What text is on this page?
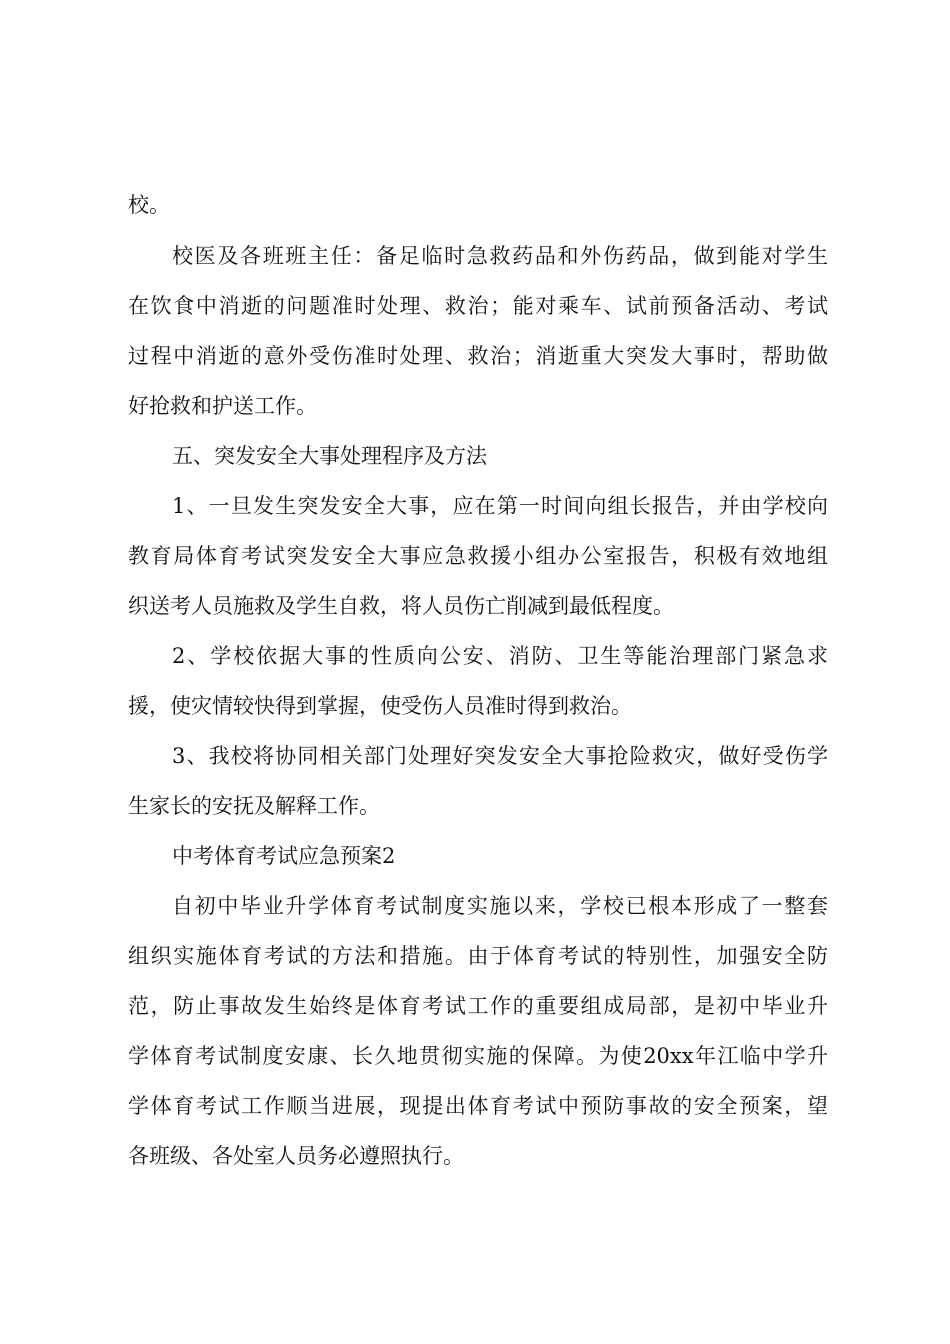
校。
校医及各班班主任：备足临时急救药品和外伤药品，做到能对学生
在饮食中消逝的问题准时处理、救治；能对乘车、试前预备活动、考试
过程中消逝的意外受伤准时处理、救治；消逝重大突发大事时，帮助做
好抢救和护送工作。
五、突发安全大事处理程序及方法
1、一旦发生突发安全大事，应在第一时间向组长报告，并由学校向
教育局体育考试突发安全大事应急救援小组办公室报告，积极有效地组
织送考人员施救及学生自救，将人员伤亡削减到最低程度。
2、学校依据大事的性质向公安、消防、卫生等能治理部门紧急求
援，使灾情较快得到掌握，使受伤人员准时得到救治。
3、我校将协同相关部门处理好突发安全大事抢险救灾，做好受伤学
生家长的安抚及解释工作。
中考体育考试应急预案2
自初中毕业升学体育考试制度实施以来，学校已根本形成了一整套
组织实施体育考试的方法和措施。由于体育考试的特别性，加强安全防
范，防止事故发生始终是体育考试工作的重要组成局部，是初中毕业升
学体育考试制度安康、长久地贯彻实施的保障。为使20xx年江临中学升
学体育考试工作顺当进展，现提出体育考试中预防事故的安全预案，望
各班级、各处室人员务必遵照执行。
